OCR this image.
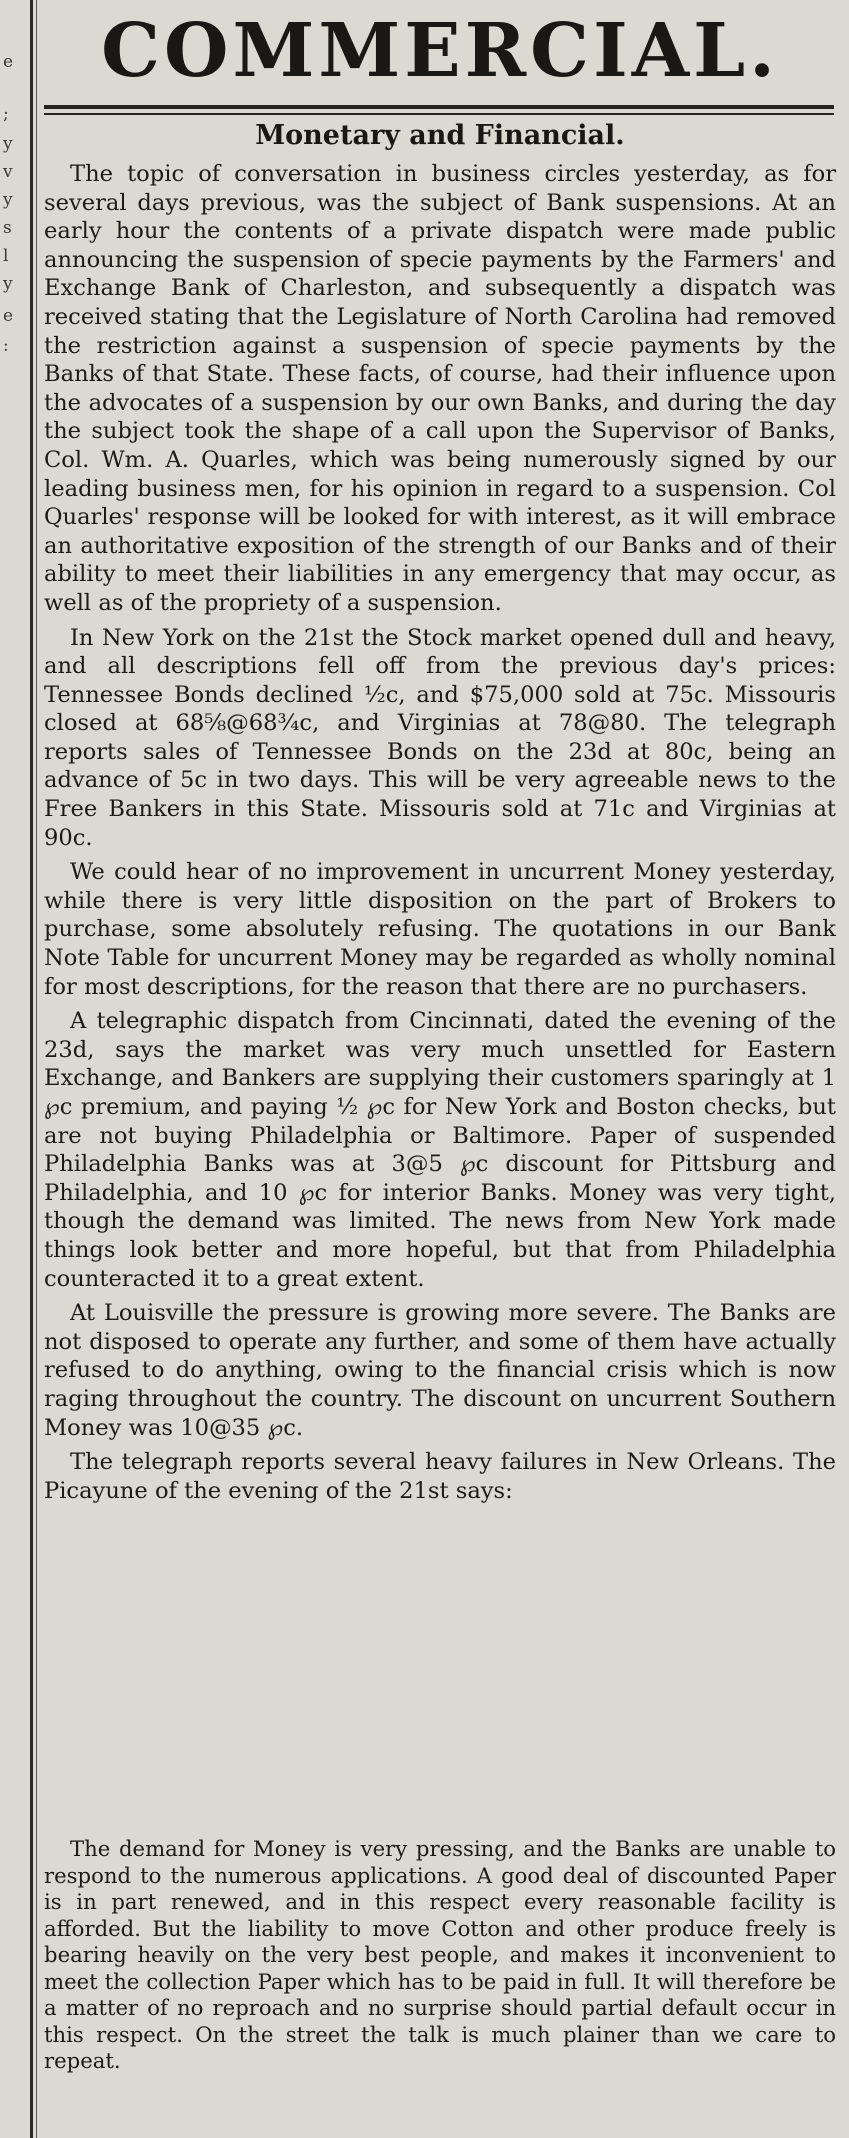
e
;
y
v
y
s
l
y
e
:
COMMERCIAL.
Monetary and Financial.

The topic of conversation in business circles yesterday, as for several days previous, was the subject of Bank suspensions. At an early hour the contents of a private dispatch were made public announcing the suspension of specie payments by the Farmers' and Exchange Bank of Charleston, and subsequently a dispatch was received stating that the Legislature of North Carolina had removed the restriction against a suspension of specie payments by the Banks of that State. These facts, of course, had their influence upon the advocates of a suspension by our own Banks, and during the day the subject took the shape of a call upon the Supervisor of Banks, Col. Wm. A. Quarles, which was being numerously signed by our leading business men, for his opinion in regard to a suspension. Col Quarles' response will be looked for with interest, as it will embrace an authoritative exposition of the strength of our Banks and of their ability to meet their liabilities in any emergency that may occur, as well as of the propriety of a suspension.

In New York on the 21st the Stock market opened dull and heavy, and all descriptions fell off from the previous day's prices: Tennessee Bonds declined ½c, and $75,000 sold at 75c. Missouris closed at 68⅝@68¾c, and Virginias at 78@80. The telegraph reports sales of Tennessee Bonds on the 23d at 80c, being an advance of 5c in two days. This will be very agreeable news to the Free Bankers in this State. Missouris sold at 71c and Virginias at 90c.

We could hear of no improvement in uncurrent Money yesterday, while there is very little disposition on the part of Brokers to purchase, some absolutely refusing. The quotations in our Bank Note Table for uncurrent Money may be regarded as wholly nominal for most descriptions, for the reason that there are no purchasers.

A telegraphic dispatch from Cincinnati, dated the evening of the 23d, says the market was very much unsettled for Eastern Exchange, and Bankers are supplying their customers sparingly at 1 ℘c premium, and paying ½ ℘c for New York and Boston checks, but are not buying Philadelphia or Baltimore. Paper of suspended Philadelphia Banks was at 3@5 ℘c discount for Pittsburg and Philadelphia, and 10 ℘c for interior Banks. Money was very tight, though the demand was limited. The news from New York made things look better and more hopeful, but that from Philadelphia counteracted it to a great extent.

At Louisville the pressure is growing more severe. The Banks are not disposed to operate any further, and some of them have actually refused to do anything, owing to the financial crisis which is now raging throughout the country. The discount on uncurrent Southern Money was 10@35 ℘c.

The telegraph reports several heavy failures in New Orleans. The Picayune of the evening of the 21st says:

The demand for Money is very pressing, and the Banks are unable to respond to the numerous applications. A good deal of discounted Paper is in part renewed, and in this respect every reasonable facility is afforded. But the liability to move Cotton and other produce freely is bearing heavily on the very best people, and makes it inconvenient to meet the collection Paper which has to be paid in full. It will therefore be a matter of no reproach and no surprise should partial default occur in this respect. On the street the talk is much plainer than we care to repeat.
